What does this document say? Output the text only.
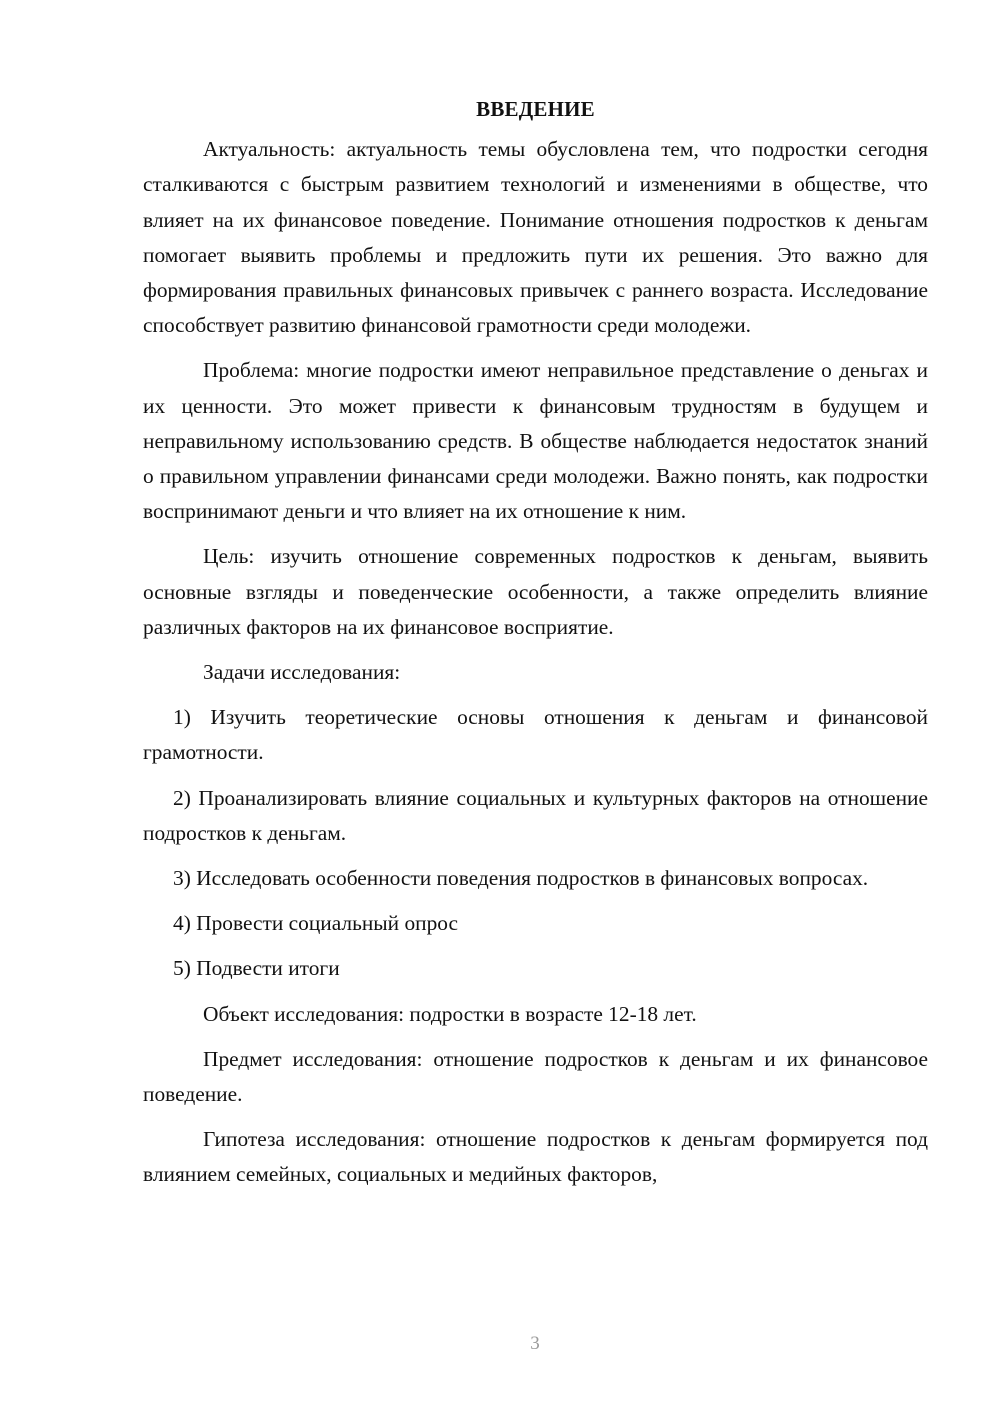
ВВЕДЕНИЕ
Актуальность: актуальность темы обусловлена тем, что подростки сегодня сталкиваются с быстрым развитием технологий и изменениями в обществе, что влияет на их финансовое поведение. Понимание отношения подростков к деньгам помогает выявить проблемы и предложить пути их решения. Это важно для формирования правильных финансовых привычек с раннего возраста. Исследование способствует развитию финансовой грамотности среди молодежи.
Проблема: многие подростки имеют неправильное представление о деньгах и их ценности. Это может привести к финансовым трудностям в будущем и неправильному использованию средств. В обществе наблюдается недостаток знаний о правильном управлении финансами среди молодежи. Важно понять, как подростки воспринимают деньги и что влияет на их отношение к ним.
Цель: изучить отношение современных подростков к деньгам, выявить основные взгляды и поведенческие особенности, а также определить влияние различных факторов на их финансовое восприятие.
Задачи исследования:
1) Изучить теоретические основы отношения к деньгам и финансовой грамотности.
2) Проанализировать влияние социальных и культурных факторов на отношение подростков к деньгам.
3) Исследовать особенности поведения подростков в финансовых вопросах.
4) Провести социальный опрос
5) Подвести итоги
Объект исследования: подростки в возрасте 12-18 лет.
Предмет исследования: отношение подростков к деньгам и их финансовое поведение.
Гипотеза исследования: отношение подростков к деньгам формируется под влиянием семейных, социальных и медийных факторов,
3
